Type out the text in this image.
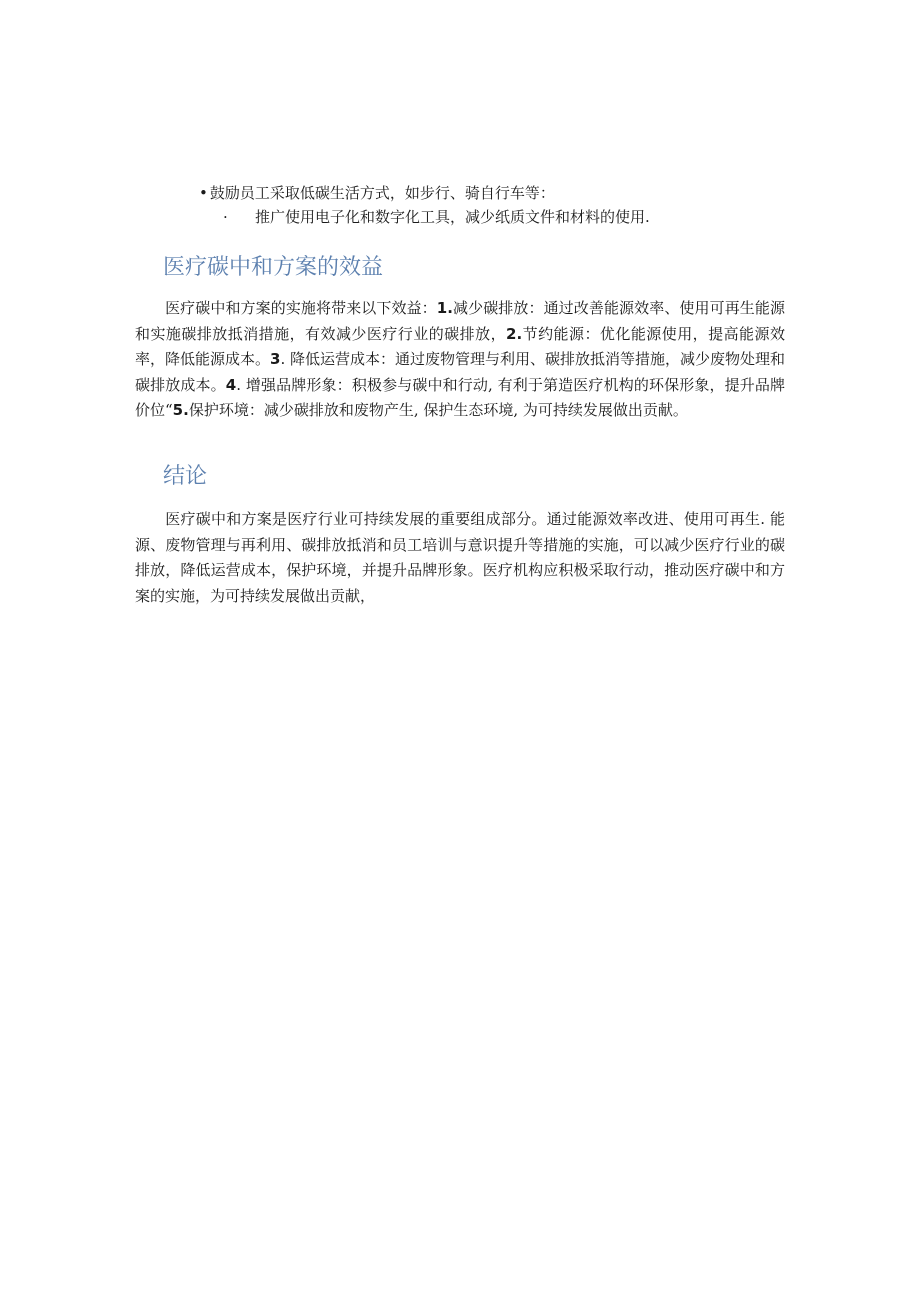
• 鼓励员工采取低碳生活方式，如步行、骑自行车等：
· 推广使用电子化和数字化工具，减少纸质文件和材料的使用.
医疗碳中和方案的效益
医疗碳中和方案的实施将带来以下效益：1.减少碳排放：通过改善能源效率、使用可再生能源和实施碳排放抵消措施，有效减少医疗行业的碳排放，2.节约能源：优化能源使用，提高能源效率，降低能源成本。3. 降低运营成本：通过废物管理与利用、碳排放抵消等措施，减少废物处理和碳排放成本。4. 增强品牌形象：积极参与碳中和行动, 有利于第造医疗机构的环保形象，提升品牌价位“5.保护环境：减少碳排放和废物产生, 保护生态环境, 为可持续发展做出贡献。
结论
医疗碳中和方案是医疗行业可持续发展的重要组成部分。通过能源效率改进、使用可再生. 能源、废物管理与再利用、碳排放抵消和员工培训与意识提升等措施的实施，可以减少医疗行业的碳排放，降低运营成本，保护环境，并提升品牌形象。医疗机构应积极采取行动，推动医疗碳中和方案的实施，为可持续发展做出贡献，
